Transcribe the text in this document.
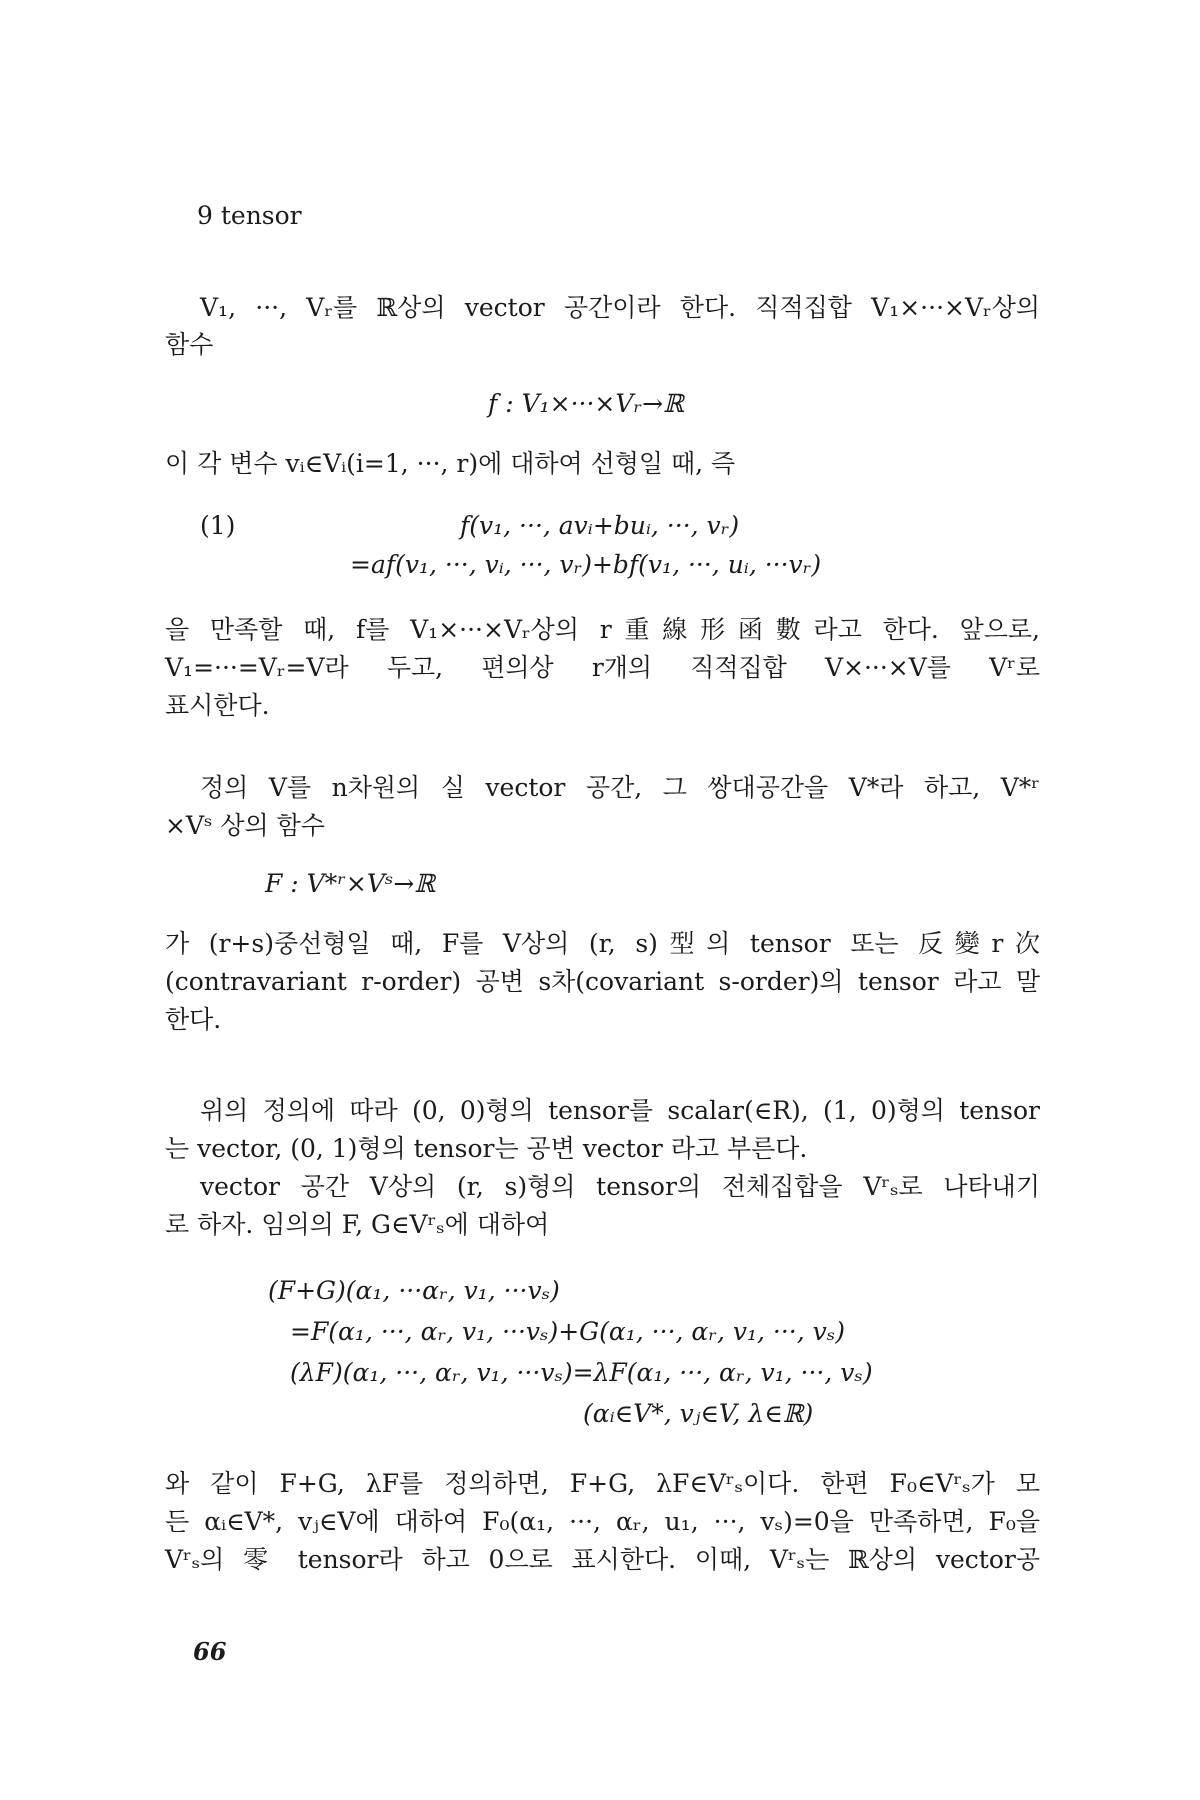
9 tensor
V₁, ···, Vᵣ를 ℝ상의 vector 공간이라 한다. 직적집합 V₁×···×Vᵣ상의
함수
f : V₁×···×Vᵣ→ℝ
이 각 변수 vᵢ∈Vᵢ(i=1, ···, r)에 대하여 선형일 때, 즉
(1)	f(v₁, ···, avᵢ+buᵢ, ···, vᵣ)
=af(v₁, ···, vᵢ, ···, vᵣ)+bf(v₁, ···, uᵢ, ···vᵣ)
을 만족할 때, f를 V₁×···×Vᵣ상의 r重線形函數라고 한다. 앞으로,
V₁=···=Vᵣ=V라 두고, 편의상 r개의 직적집합 V×···×V를 Vʳ로
표시한다.
정의 V를 n차원의 실 vector 공간, 그 쌍대공간을 V*라 하고, V*ʳ
×Vˢ 상의 함수
F : V*ʳ×Vˢ→ℝ
가 (r+s)중선형일 때, F를 V상의 (r, s)型의 tensor 또는 反變r次
(contravariant r-order) 공변 s차(covariant s-order)의 tensor 라고 말
한다.
위의 정의에 따라 (0, 0)형의 tensor를 scalar(∈R), (1, 0)형의 tensor
는 vector, (0, 1)형의 tensor는 공변 vector 라고 부른다.
vector 공간 V상의 (r, s)형의 tensor의 전체집합을 Vʳₛ로 나타내기
로 하자. 임의의 F, G∈Vʳₛ에 대하여
(F+G)(α₁, ···αᵣ, v₁, ···vₛ)
=F(α₁, ···, αᵣ, v₁, ···vₛ)+G(α₁, ···, αᵣ, v₁, ···, vₛ)
(λF)(α₁, ···, αᵣ, v₁, ···vₛ)=λF(α₁, ···, αᵣ, v₁, ···, vₛ)
(αᵢ∈V*, vⱼ∈V, λ∈ℝ)
와 같이 F+G, λF를 정의하면, F+G, λF∈Vʳₛ이다. 한편 F₀∈Vʳₛ가 모
든 αᵢ∈V*, vⱼ∈V에 대하여 F₀(α₁, ···, αᵣ, u₁, ···, vₛ)=0을 만족하면, F₀을
Vʳₛ의 零 tensor라 하고 0으로 표시한다. 이때, Vʳₛ는 ℝ상의 vector공
66
